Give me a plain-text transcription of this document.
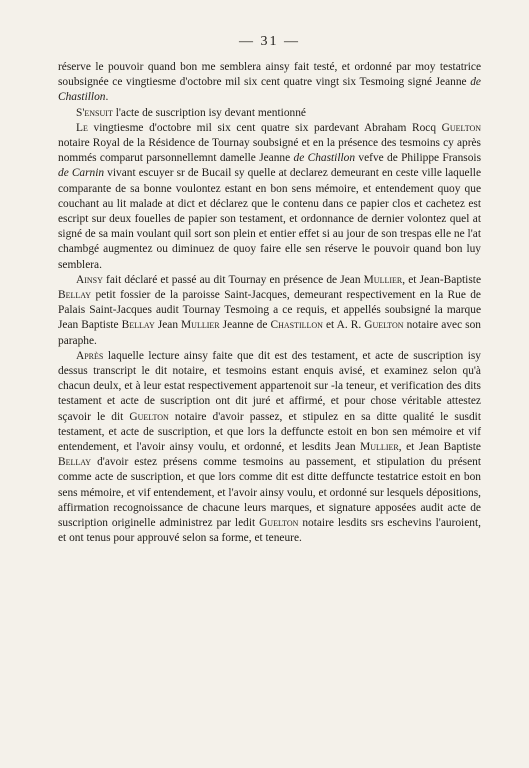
— 31 —

réserve le pouvoir quand bon me semblera ainsy fait testé, et ordonné par moy testatrice soubsignée ce vingtiesme d'octobre mil six cent quatre vingt six Tesmoing signé Jeanne de Chastillon.

S'ensuit l'acte de suscription isy devant mentionné

Le vingtiesme d'octobre mil six cent quatre six pardevant Abraham Rocq Guelton notaire Royal de la Résidence de Tournay soubsigné et en la présence des tesmoins cy après nommés comparut parsonnellemnt damelle Jeanne de Chastillon vefve de Philippe Fransois de Carnin vivant escuyer sr de Bucail sy quelle at declarez demeurant en ceste ville laquelle comparante de sa bonne voulontez estant en bon sens mémoire, et entendement quoy que couchant au lit malade at dict et déclarez que le contenu dans ce papier clos et cachetez est escript sur deux fouelles de papier son testament, et ordonnance de dernier volontez quel at signé de sa main voulant quil sort son plein et entier effet si au jour de son trespas elle ne l'at chambgé augmentez ou diminuez de quoy faire elle sen réserve le pouvoir quand bon luy semblera.

Ainsy fait déclaré et passé au dit Tournay en présence de Jean Mullier, et Jean-Baptiste Bellay petit fossier de la paroisse Saint-Jacques, demeurant respectivement en la Rue de Palais Saint-Jacques audit Tournay Tesmoing a ce requis, et appellés soubsigné la marque Jean Baptiste Bellay Jean Mullier Jeanne de Chastillon et A. R. Guelton notaire avec son paraphe.

Après laquelle lecture ainsy faite que dit est des testament, et acte de suscription isy dessus transcript le dit notaire, et tesmoins estant enquis avisé, et examinez selon qu'à chacun deulx, et à leur estat respectivement appartenoit sur -la teneur, et verification des dits testament et acte de suscription ont dit juré et affirmé, et pour chose véritable attestez sçavoir le dit Guelton notaire d'avoir passez, et stipulez en sa ditte qualité le susdit testament, et acte de suscription, et que lors la deffuncte estoit en bon sen mémoire et vif entendement, et l'avoir ainsy voulu, et ordonné, et lesdits Jean Mullier, et Jean Baptiste Bellay d'avoir estez présens comme tesmoins au passement, et stipulation du présent comme acte de suscription, et que lors comme dit est ditte deffuncte testatrice estoit en bon sens mémoire, et vif entendement, et l'avoir ainsy voulu, et ordonné sur lesquels dépositions, affirmation recognoissance de chacune leurs marques, et signature apposées audit acte de suscription originelle administrez par ledit Guelton notaire lesdits srs eschevins l'auroient, et ont tenus pour approuvé selon sa forme, et teneure.
